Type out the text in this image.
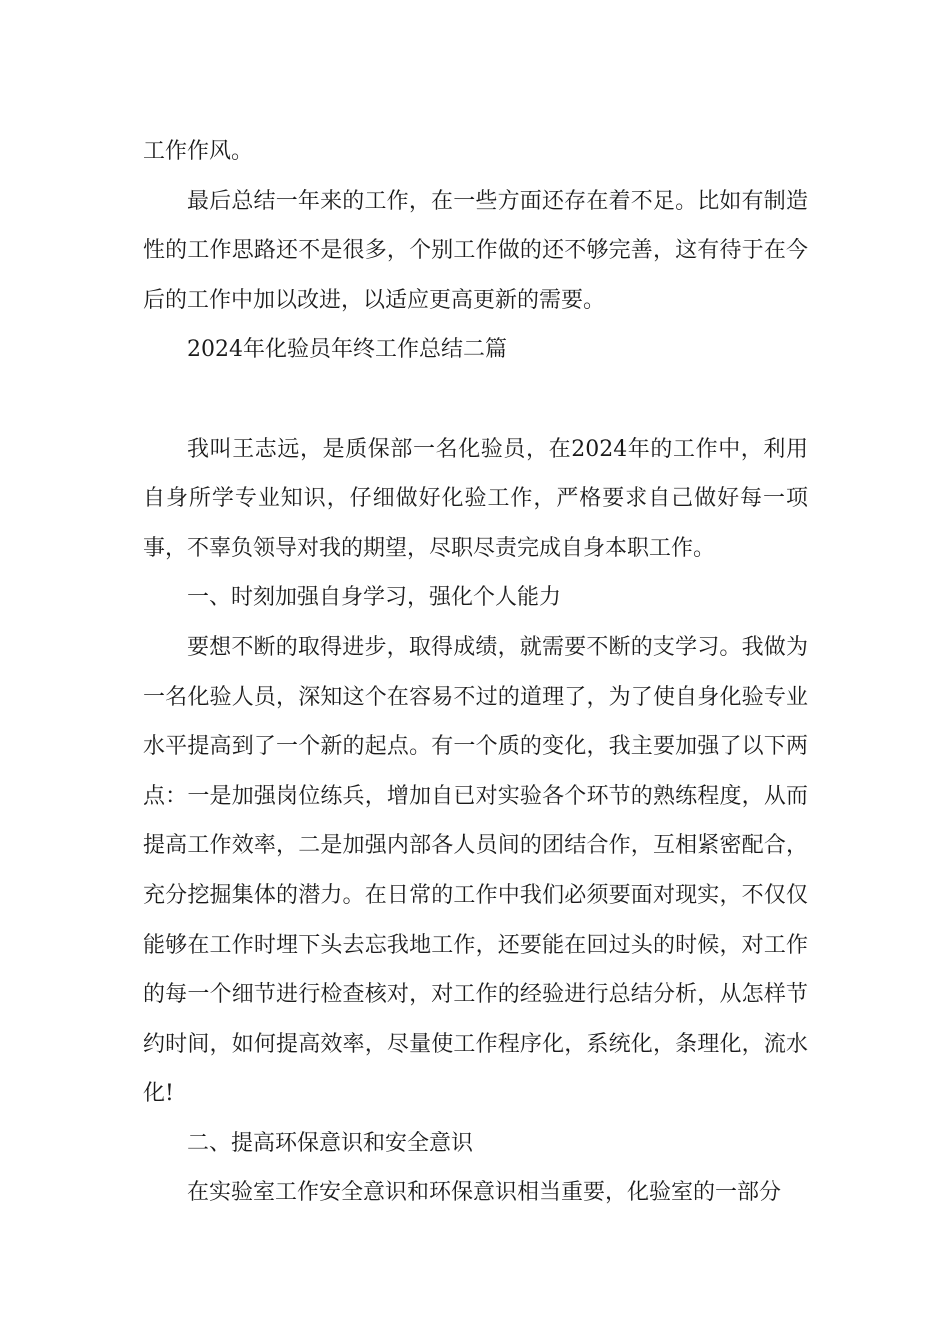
工作作风。

最后总结一年来的工作，在一些方面还存在着不足。比如有制造性的工作思路还不是很多，个别工作做的还不够完善，这有待于在今后的工作中加以改进，以适应更高更新的需要。

2024年化验员年终工作总结二篇

我叫王志远，是质保部一名化验员，在2024年的工作中，利用自身所学专业知识，仔细做好化验工作，严格要求自己做好每一项事，不辜负领导对我的期望，尽职尽责完成自身本职工作。

一、时刻加强自身学习，强化个人能力

要想不断的取得进步，取得成绩，就需要不断的支学习。我做为一名化验人员，深知这个在容易不过的道理了，为了使自身化验专业水平提高到了一个新的起点。有一个质的变化，我主要加强了以下两点：一是加强岗位练兵，增加自已对实验各个环节的熟练程度，从而提高工作效率，二是加强内部各人员间的团结合作，互相紧密配合，充分挖掘集体的潜力。在日常的工作中我们必须要面对现实，不仅仅能够在工作时埋下头去忘我地工作，还要能在回过头的时候，对工作的每一个细节进行检查核对，对工作的经验进行总结分析，从怎样节约时间，如何提高效率，尽量使工作程序化，系统化，条理化，流水化!

二、提高环保意识和安全意识

在实验室工作安全意识和环保意识相当重要，化验室的一部分
